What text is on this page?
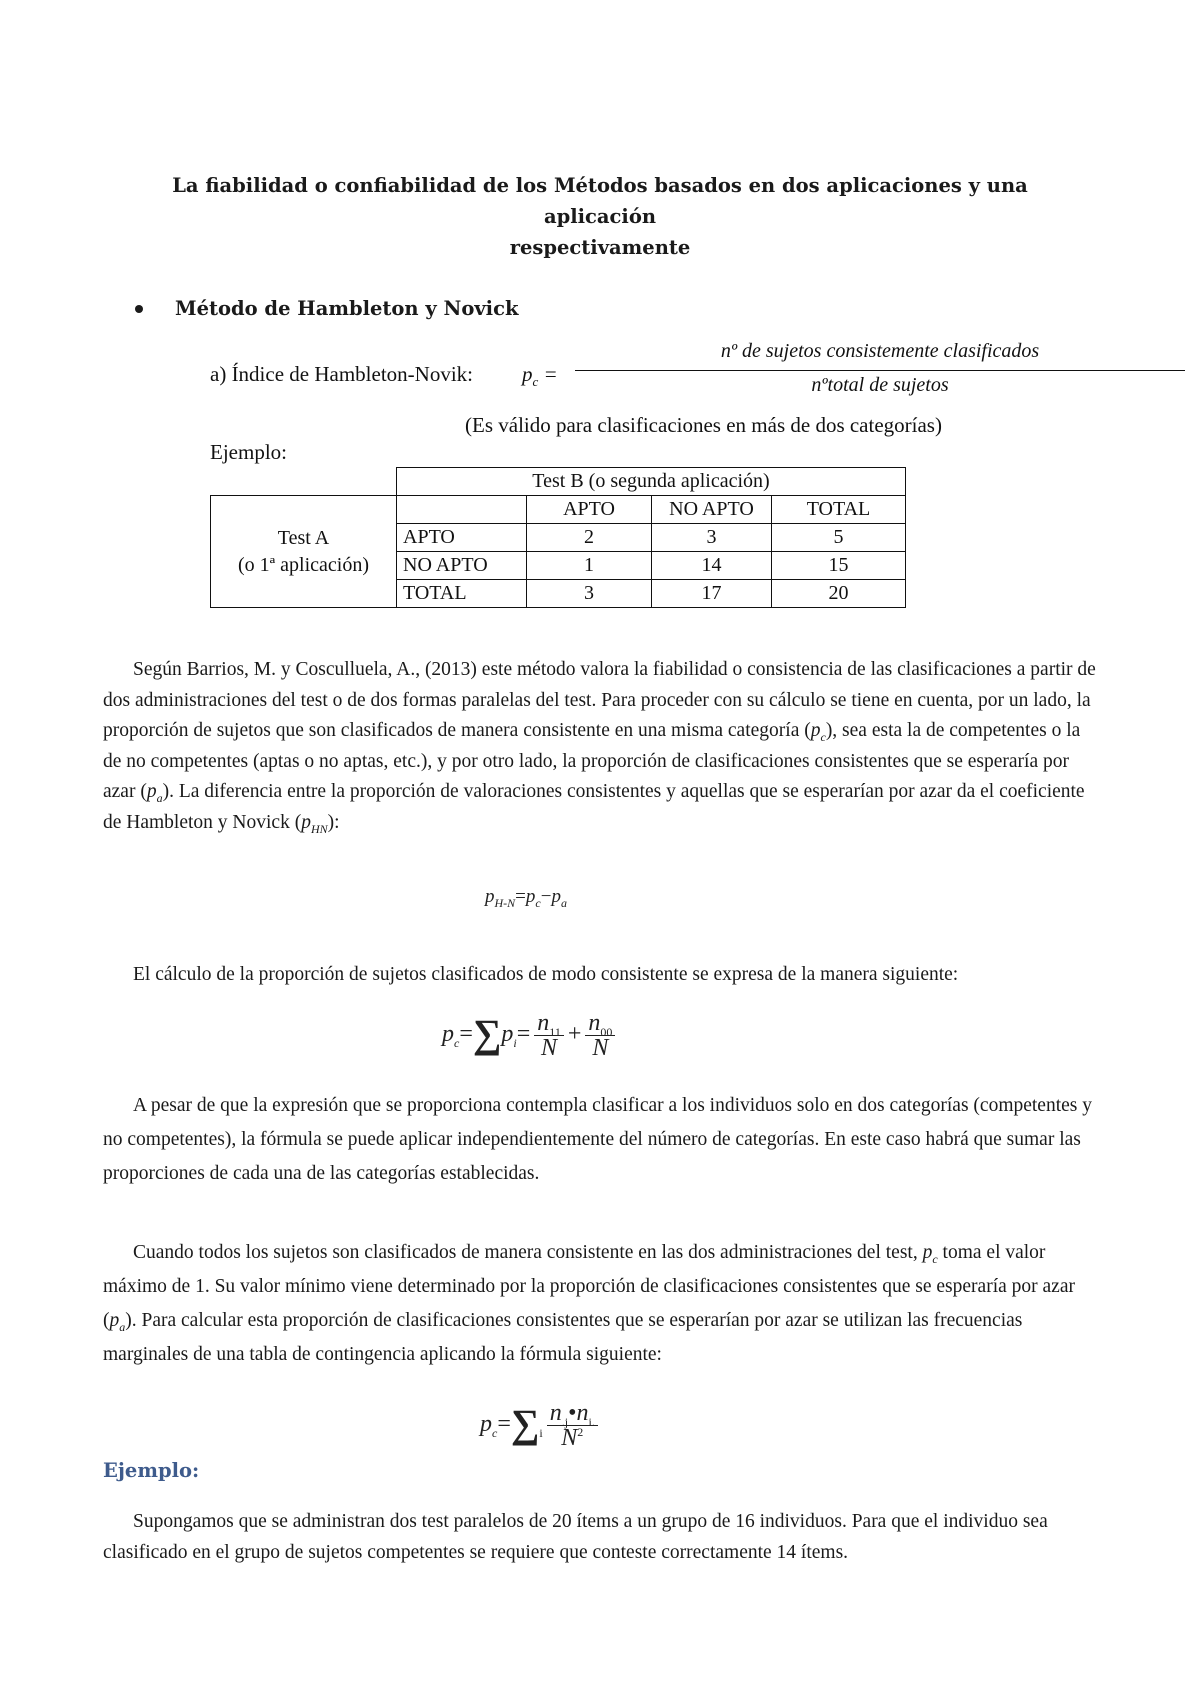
La fiabilidad o confiabilidad de los Métodos basados en dos aplicaciones y una aplicación
respectivamente
Método de Hambleton y Novick
a) Índice de Hambleton-Novik: $p_c$ =
nº de sujetos consistemente clasificados
nºtotal de sujetos
(Es válido para clasificaciones en más de dos categorías)
Ejemplo:
	Test B (o segunda aplicación)			

Test A
(o 1ª aplicación)		APTO	NO APTO	TOTAL
	APTO	2	3	5
	NO APTO	1	14	15
	TOTAL	3	17	20
Según Barrios, M. y Cosculluela, A., (2013) este método valora la fiabilidad o consistencia de las clasificaciones a partir de dos administraciones del test o de dos formas paralelas del test. Para proceder con su cálculo se tiene en cuenta, por un lado, la proporción de sujetos que son clasificados de manera consistente en una misma categoría $(p_c)$, sea esta la de competentes o la de no competentes (aptas o no aptas, etc.), y por otro lado, la proporción de clasificaciones consistentes que se esperaría por azar $(p_a)$. La diferencia entre la proporción de valoraciones consistentes y aquellas que se esperarían por azar da el coeficiente de Hambleton y Novick $(p_{HN})$:
$p_{H-N}=p_c-p_a$
El cálculo de la proporción de sujetos clasificados de modo consistente se expresa de la manera siguiente:
$p_c=\sum p_i= \frac{n_{11}}{N} + \frac{n_{00}}{N}$
A pesar de que la expresión que se proporciona contempla clasificar a los individuos solo en dos categorías (competentes y no competentes), la fórmula se puede aplicar independientemente del número de categorías. En este caso habrá que sumar las proporciones de cada una de las categorías establecidas.
Cuando todos los sujetos son clasificados de manera consistente en las dos administraciones del test, $p_c$ toma el valor máximo de 1. Su valor mínimo viene determinado por la proporción de clasificaciones consistentes que se esperaría por azar $(p_a)$. Para calcular esta proporción de clasificaciones consistentes que se esperarían por azar se utilizan las frecuencias marginales de una tabla de contingencia aplicando la fórmula siguiente:
$p_c=\sum_i \frac{n_{.j}•n_{i.}}{N^2}$
Ejemplo:
Supongamos que se administran dos test paralelos de 20 ítems a un grupo de 16 individuos. Para que el individuo sea clasificado en el grupo de sujetos competentes se requiere que conteste correctamente 14 ítems.
